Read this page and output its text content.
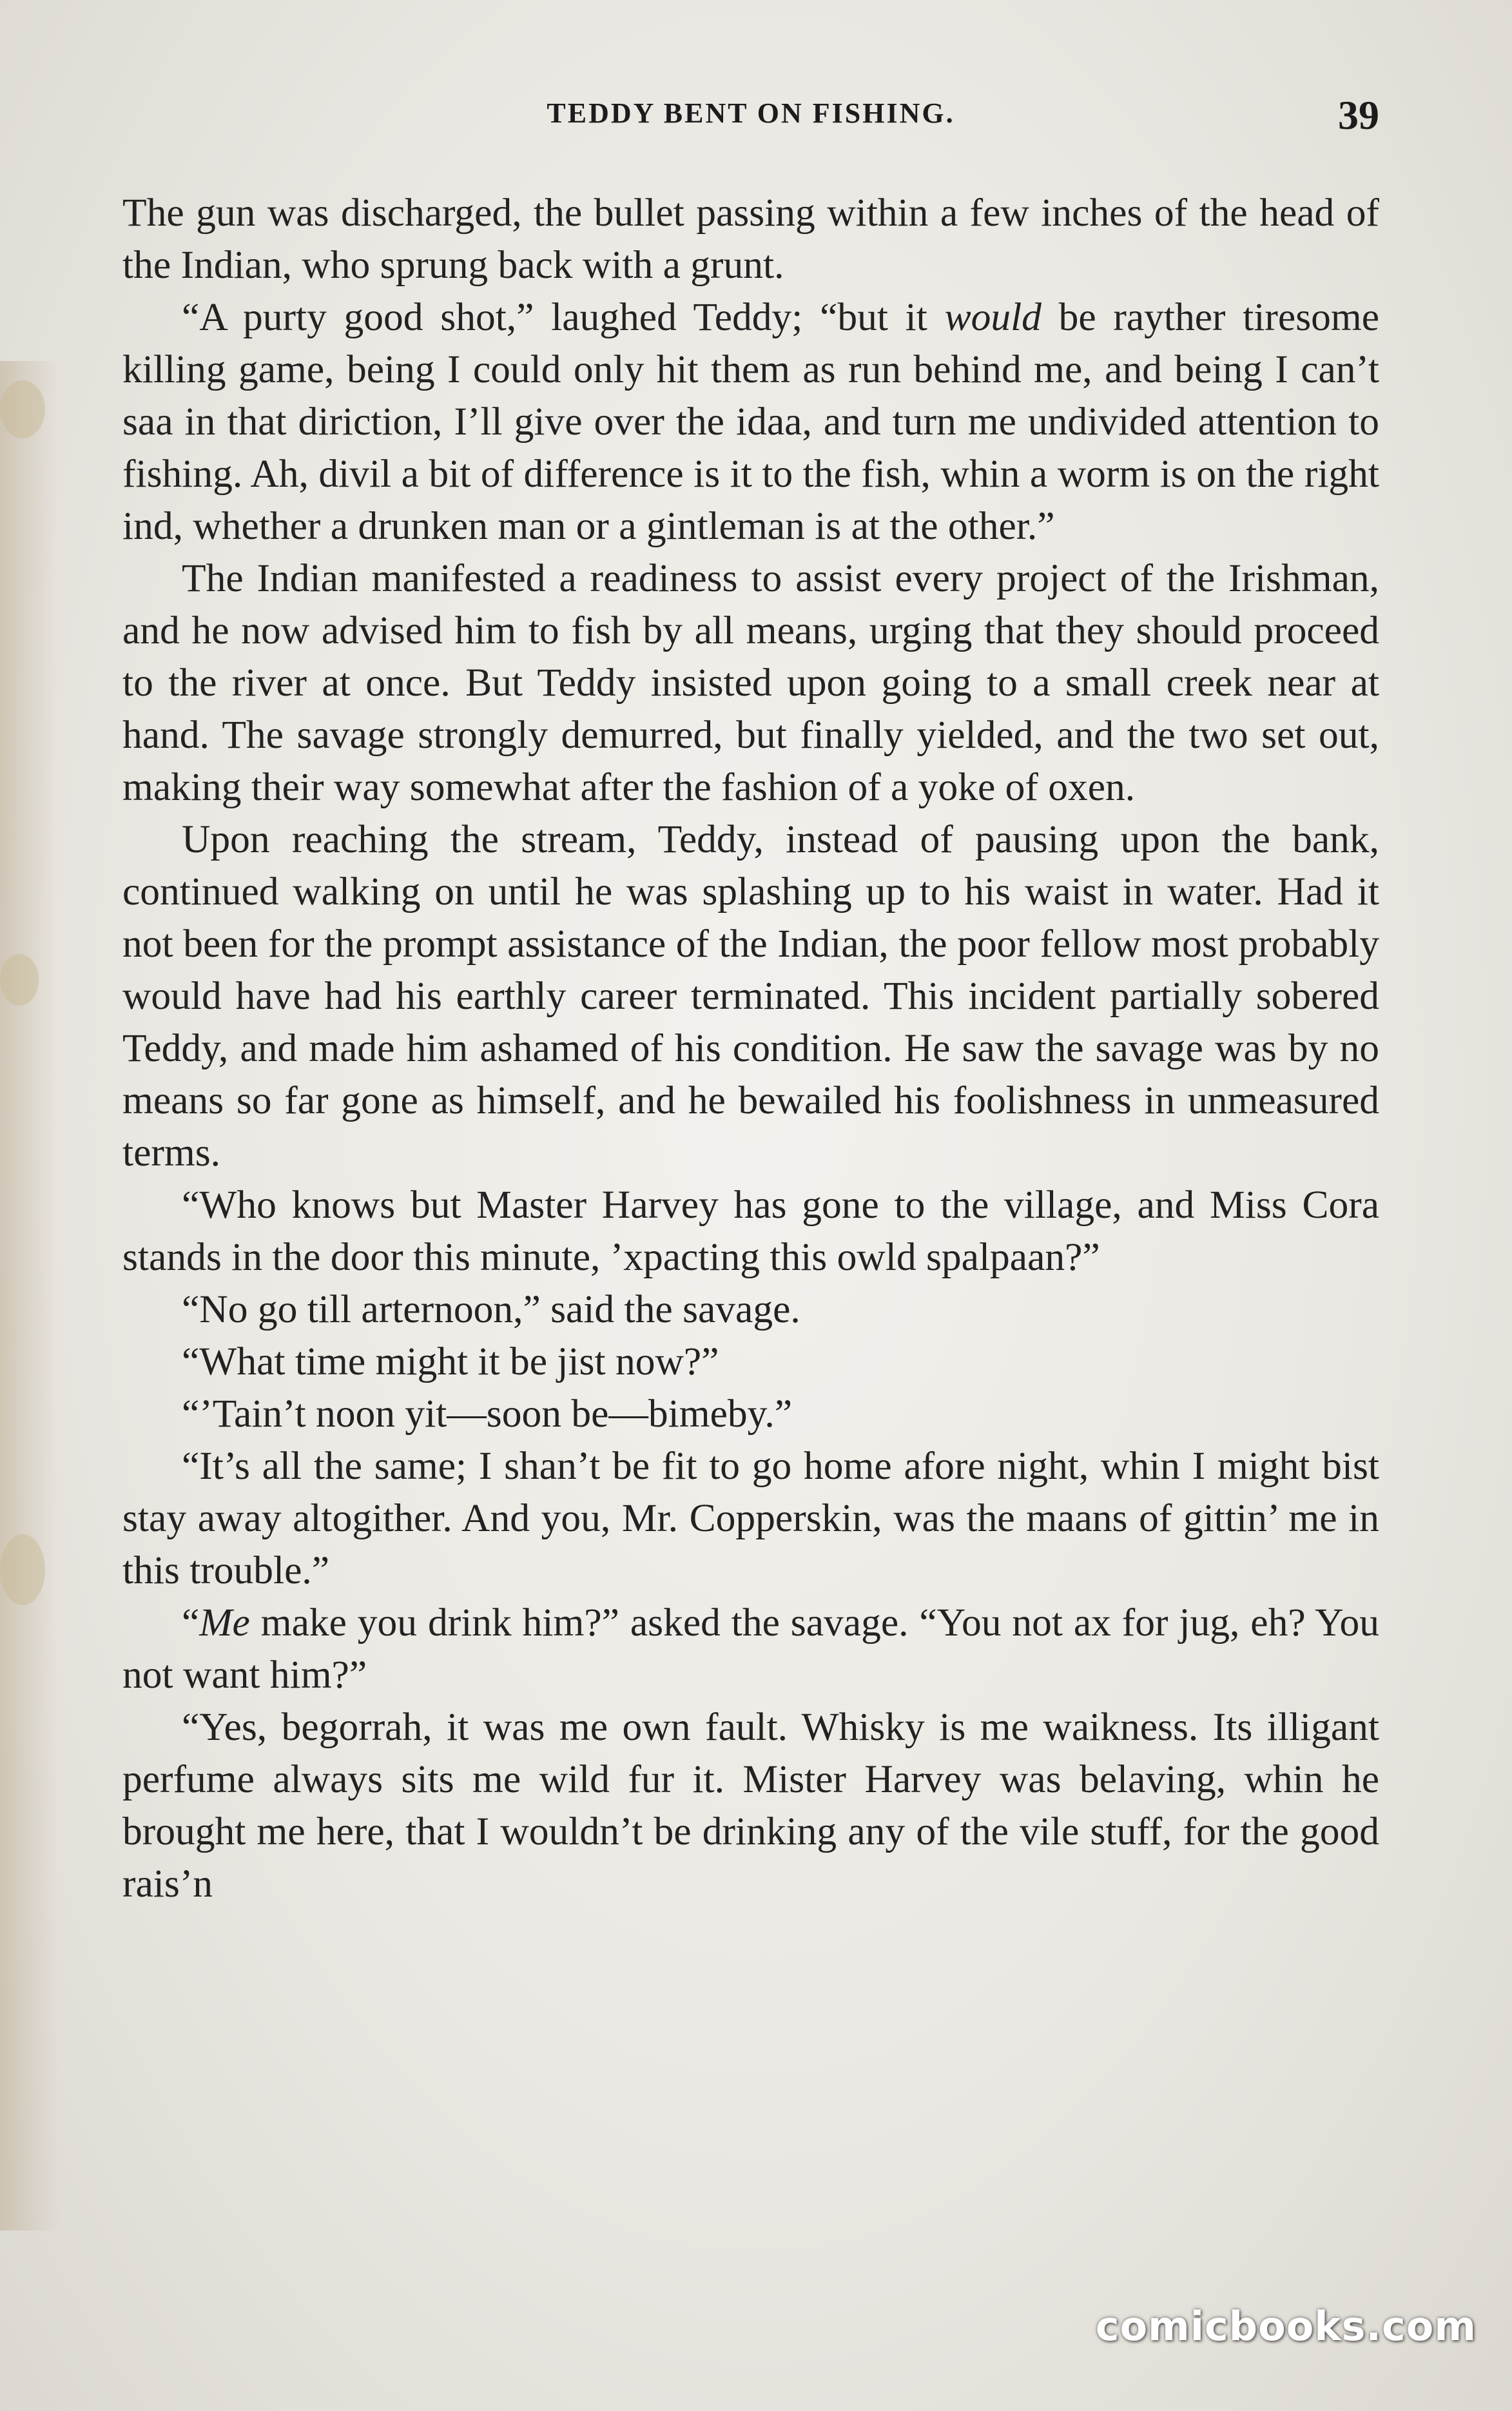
TEDDY BENT ON FISHING.	39

The gun was discharged, the bullet passing within a few inches of the head of the Indian, who sprung back with a grunt.

“A purty good shot,” laughed Teddy; “but it would be rayther tiresome killing game, being I could only hit them as run behind me, and being I can’t saa in that diriction, I’ll give over the idaa, and turn me undivided attention to fishing. Ah, divil a bit of difference is it to the fish, whin a worm is on the right ind, whether a drunken man or a gintleman is at the other.”

The Indian manifested a readiness to assist every project of the Irishman, and he now advised him to fish by all means, urging that they should proceed to the river at once. But Teddy insisted upon going to a small creek near at hand. The savage strongly demurred, but finally yielded, and the two set out, making their way somewhat after the fashion of a yoke of oxen.

Upon reaching the stream, Teddy, instead of pausing upon the bank, continued walking on until he was splashing up to his waist in water. Had it not been for the prompt assistance of the Indian, the poor fellow most probably would have had his earthly career terminated. This incident partially sobered Teddy, and made him ashamed of his condition. He saw the savage was by no means so far gone as himself, and he bewailed his foolishness in unmeasured terms.

“Who knows but Master Harvey has gone to the village, and Miss Cora stands in the door this minute, ’xpacting this owld spalpaan?”

“No go till arternoon,” said the savage.

“What time might it be jist now?”

“’Tain’t noon yit—soon be—bimeby.”

“It’s all the same; I shan’t be fit to go home afore night, whin I might bist stay away altogither. And you, Mr. Copperskin, was the maans of gittin’ me in this trouble.”

“Me make you drink him?” asked the savage. “You not ax for jug, eh? You not want him?”

“Yes, begorrah, it was me own fault. Whisky is me waikness. Its illigant perfume always sits me wild fur it. Mister Harvey was belaving, whin he brought me here, that I wouldn’t be drinking any of the vile stuff, for the good rais’n

comicbooks.com
